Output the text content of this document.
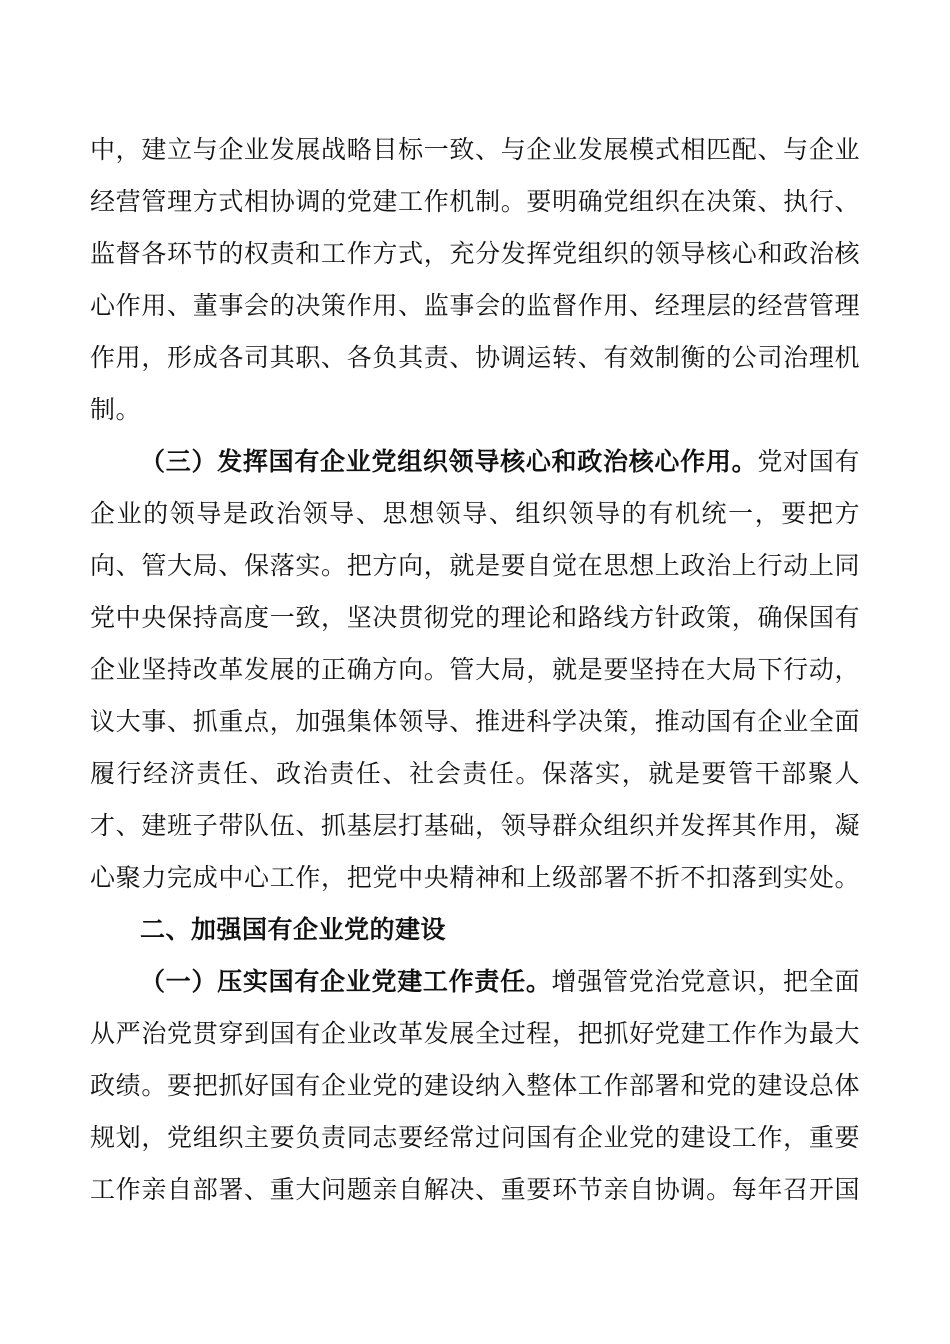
中，建立与企业发展战略目标一致、与企业发展模式相匹配、与企业
经营管理方式相协调的党建工作机制。要明确党组织在决策、执行、
监督各环节的权责和工作方式，充分发挥党组织的领导核心和政治核
心作用、董事会的决策作用、监事会的监督作用、经理层的经营管理
作用，形成各司其职、各负其责、协调运转、有效制衡的公司治理机
制。
（三）发挥国有企业党组织领导核心和政治核心作用。党对国有
企业的领导是政治领导、思想领导、组织领导的有机统一，要把方
向、管大局、保落实。把方向，就是要自觉在思想上政治上行动上同
党中央保持高度一致，坚决贯彻党的理论和路线方针政策，确保国有
企业坚持改革发展的正确方向。管大局，就是要坚持在大局下行动，
议大事、抓重点，加强集体领导、推进科学决策，推动国有企业全面
履行经济责任、政治责任、社会责任。保落实，就是要管干部聚人
才、建班子带队伍、抓基层打基础，领导群众组织并发挥其作用，凝
心聚力完成中心工作，把党中央精神和上级部署不折不扣落到实处。
二、加强国有企业党的建设
（一）压实国有企业党建工作责任。增强管党治党意识，把全面
从严治党贯穿到国有企业改革发展全过程，把抓好党建工作作为最大
政绩。要把抓好国有企业党的建设纳入整体工作部署和党的建设总体
规划，党组织主要负责同志要经常过问国有企业党的建设工作，重要
工作亲自部署、重大问题亲自解决、重要环节亲自协调。每年召开国
